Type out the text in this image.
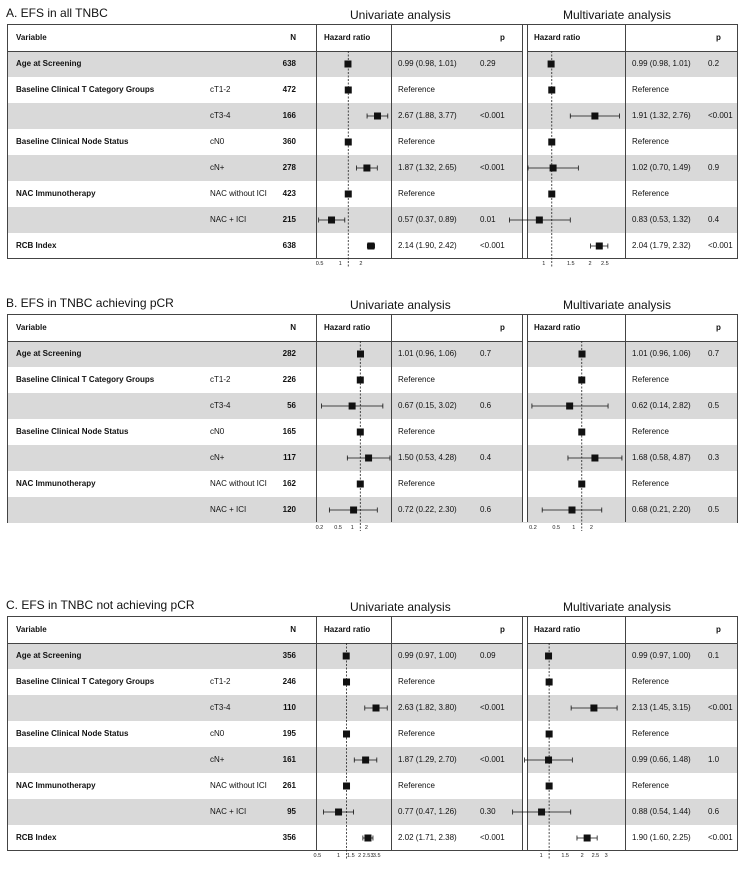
A. EFS in all TNBC	Univariate analysis	Multivariate analysis
Age at Screening	638	0.99 (0.98, 1.01)	0.29	0.99 (0.98, 1.01) 0.2
Baseline Clinical T Category Groups	cT1-2	472	Reference	Reference
cT3-4	166	2.67 (1.88, 3.77)	<0.001	1.91 (1.32, 2.76) <0.001
Baseline Clinical Node Status	cN0	360	Reference	Reference
cN+	278	1.87 (1.32, 2.65)	<0.001	1.02 (0.70, 1.49) 0.9
NAC Immunotherapy	NAC without ICI 423	Reference	Reference
NAC + ICI	215	0.57 (0.37, 0.89)	0.01	0.83 (0.53, 1.32) 0.4
RCB Index	638	2.14 (1.90, 2.42)	<0.001	2.04 (1.79, 2.32) <0.001
Variable	N	Hazard ratio	p	Hazard ratio	p
0.5	1	2	1	1.5	2 2.5
B. EFS in TNBC achieving pCR	Univariate analysis	Multivariate analysis
Age at Screening	282	1.01 (0.96, 1.06)	0.7	1.01 (0.96, 1.06) 0.7
Baseline Clinical T Category Groups	cT1-2	226	Reference	Reference
cT3-4	56	0.67 (0.15, 3.02)	0.6	0.62 (0.14, 2.82) 0.5
Baseline Clinical Node Status	cN0	165	Reference	Reference
cN+	117	1.50 (0.53, 4.28)	0.4	1.68 (0.58, 4.87) 0.3
NAC Immunotherapy	NAC without ICI 162	Reference	Reference
NAC + ICI	120	0.72 (0.22, 2.30)	0.6	0.68 (0.21, 2.20) 0.5
Variable	N	Hazard ratio	p	Hazard ratio	p
0.2 0.5 1 2	0.2	0.5 1	2
C. EFS in TNBC not achieving pCR	Univariate analysis	Multivariate analysis
Age at Screening	356	0.99 (0.97, 1.00)	0.09	0.99 (0.97, 1.00) 0.1
Baseline Clinical T Category Groups	cT1-2	246	Reference	Reference
cT3-4	110	2.63 (1.82, 3.80)	<0.001	2.13 (1.45, 3.15) <0.001
Baseline Clinical Node Status	cN0	195	Reference	Reference
cN+	161	1.87 (1.29, 2.70)	<0.001	0.99 (0.66, 1.48) 1.0
NAC Immunotherapy	NAC without ICI 261	Reference	Reference
NAC + ICI	95	0.77 (0.47, 1.26)	0.30	0.88 (0.54, 1.44) 0.6
RCB Index	356	2.02 (1.71, 2.38)	<0.001	1.90 (1.60, 2.25) <0.001
Variable	N	Hazard ratio	p	Hazard ratio	p
0.5	1 1.5 2 2.5 3 3.5	1	1.5 2 2.5 3
